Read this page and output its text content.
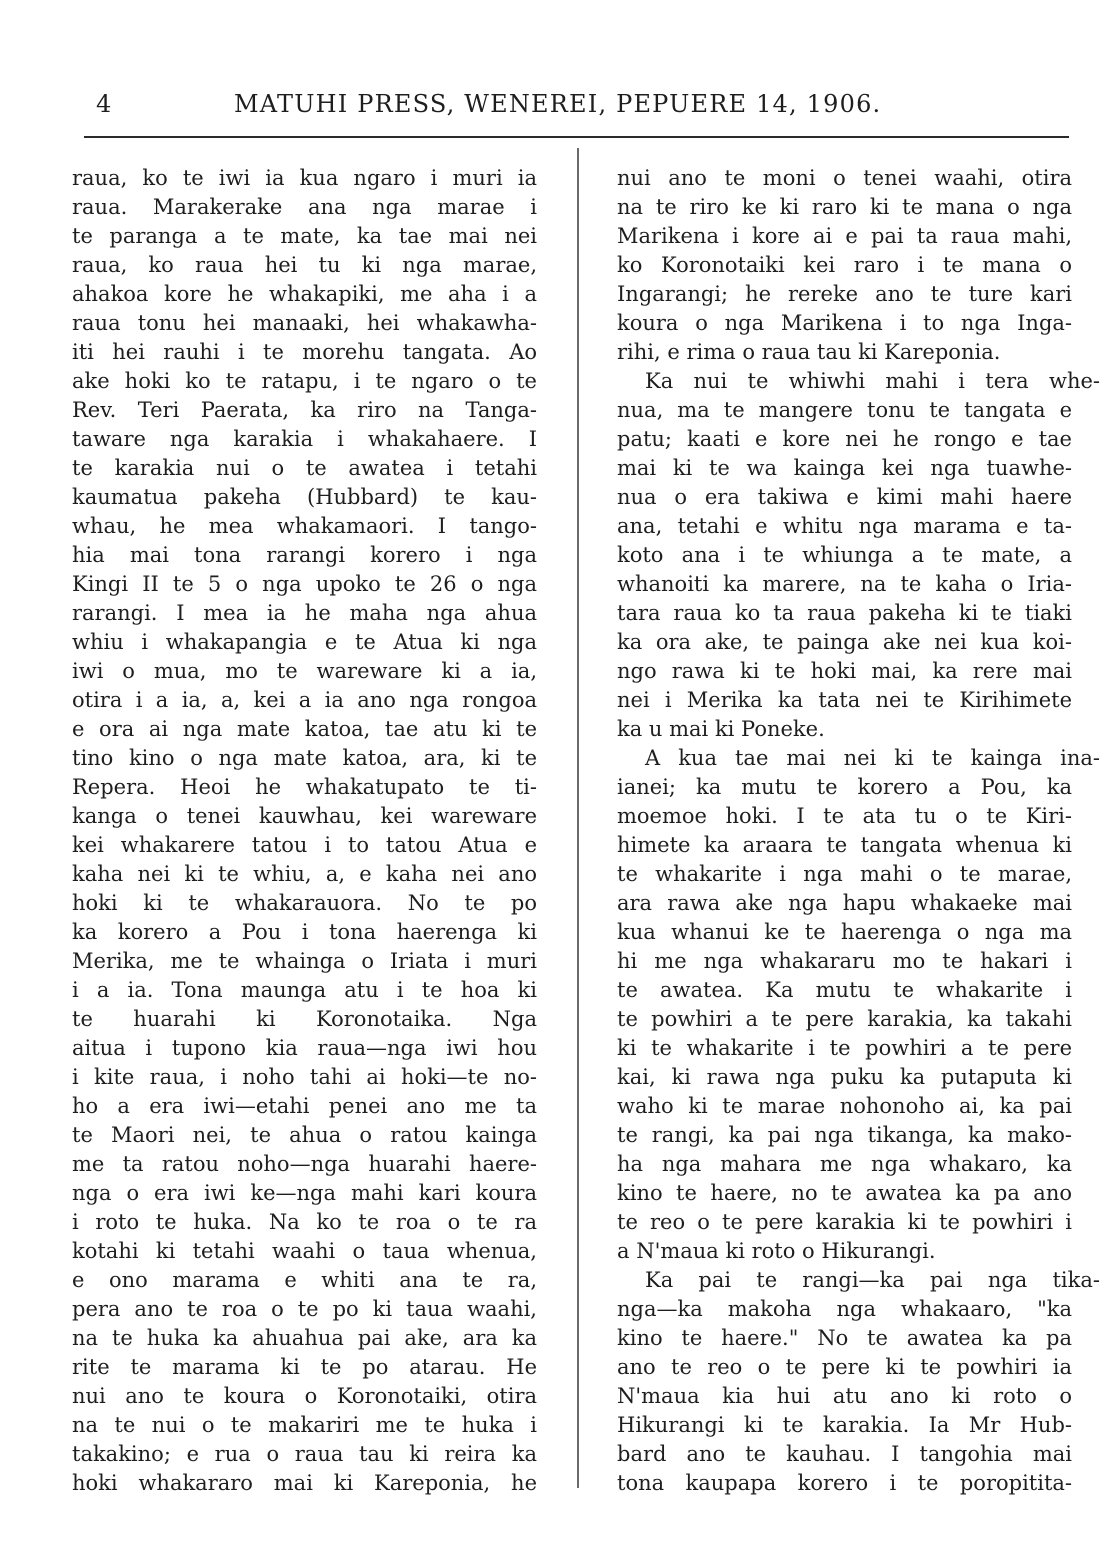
4	MATUHI PRESS, WENEREI, PEPUERE 14, 1906.
raua, ko te iwi ia kua ngaro i muri ia
raua. Marakerake ana nga marae i
te paranga a te mate, ka tae mai nei
raua, ko raua hei tu ki nga marae,
ahakoa kore he whakapiki, me aha i a
raua tonu hei manaaki, hei whakawha-
iti hei rauhi i te morehu tangata. Ao
ake hoki ko te ratapu, i te ngaro o te
Rev. Teri Paerata, ka riro na Tanga-
taware nga karakia i whakahaere. I
te karakia nui o te awatea i tetahi
kaumatua pakeha (Hubbard) te kau-
whau, he mea whakamaori. I tango-
hia mai tona rarangi korero i nga
Kingi II te 5 o nga upoko te 26 o nga
rarangi. I mea ia he maha nga ahua
whiu i whakapangia e te Atua ki nga
iwi o mua, mo te wareware ki a ia,
otira i a ia, a, kei a ia ano nga rongoa
e ora ai nga mate katoa, tae atu ki te
tino kino o nga mate katoa, ara, ki te
Repera. Heoi he whakatupato te ti-
kanga o tenei kauwhau, kei wareware
kei whakarere tatou i to tatou Atua e
kaha nei ki te whiu, a, e kaha nei ano
hoki ki te whakarauora. No te po
ka korero a Pou i tona haerenga ki
Merika, me te whainga o Iriata i muri
i a ia. Tona maunga atu i te hoa ki
te huarahi ki Koronotaika. Nga
aitua i tupono kia raua—nga iwi hou
i kite raua, i noho tahi ai hoki—te no-
ho a era iwi—etahi penei ano me ta
te Maori nei, te ahua o ratou kainga
me ta ratou noho—nga huarahi haere-
nga o era iwi ke—nga mahi kari koura
i roto te huka. Na ko te roa o te ra
kotahi ki tetahi waahi o taua whenua,
e ono marama e whiti ana te ra,
pera ano te roa o te po ki taua waahi,
na te huka ka ahuahua pai ake, ara ka
rite te marama ki te po atarau. He
nui ano te koura o Koronotaiki, otira
na te nui o te makariri me te huka i
takakino; e rua o raua tau ki reira ka
hoki whakararo mai ki Kareponia, he
nui ano te moni o tenei waahi, otira
na te riro ke ki raro ki te mana o nga
Marikena i kore ai e pai ta raua mahi,
ko Koronotaiki kei raro i te mana o
Ingarangi; he rereke ano te ture kari
koura o nga Marikena i to nga Inga-
rihi, e rima o raua tau ki Kareponia.
Ka nui te whiwhi mahi i tera whe-
nua, ma te mangere tonu te tangata e
patu; kaati e kore nei he rongo e tae
mai ki te wa kainga kei nga tuawhe-
nua o era takiwa e kimi mahi haere
ana, tetahi e whitu nga marama e ta-
koto ana i te whiunga a te mate, a
whanoiti ka marere, na te kaha o Iria-
tara raua ko ta raua pakeha ki te tiaki
ka ora ake, te painga ake nei kua koi-
ngo rawa ki te hoki mai, ka rere mai
nei i Merika ka tata nei te Kirihimete
ka u mai ki Poneke.
A kua tae mai nei ki te kainga ina-
ianei; ka mutu te korero a Pou, ka
moemoe hoki. I te ata tu o te Kiri-
himete ka araara te tangata whenua ki
te whakarite i nga mahi o te marae,
ara rawa ake nga hapu whakaeke mai
kua whanui ke te haerenga o nga ma
hi me nga whakararu mo te hakari i
te awatea. Ka mutu te whakarite i
te powhiri a te pere karakia, ka takahi
ki te whakarite i te powhiri a te pere
kai, ki rawa nga puku ka putaputa ki
waho ki te marae nohonoho ai, ka pai
te rangi, ka pai nga tikanga, ka mako-
ha nga mahara me nga whakaro, ka
kino te haere, no te awatea ka pa ano
te reo o te pere karakia ki te powhiri i
a N'maua ki roto o Hikurangi.
Ka pai te rangi—ka pai nga tika-
nga—ka makoha nga whakaaro, "ka
kino te haere." No te awatea ka pa
ano te reo o te pere ki te powhiri ia
N'maua kia hui atu ano ki roto o
Hikurangi ki te karakia. Ia Mr Hub-
bard ano te kauhau. I tangohia mai
tona kaupapa korero i te poropitita-
